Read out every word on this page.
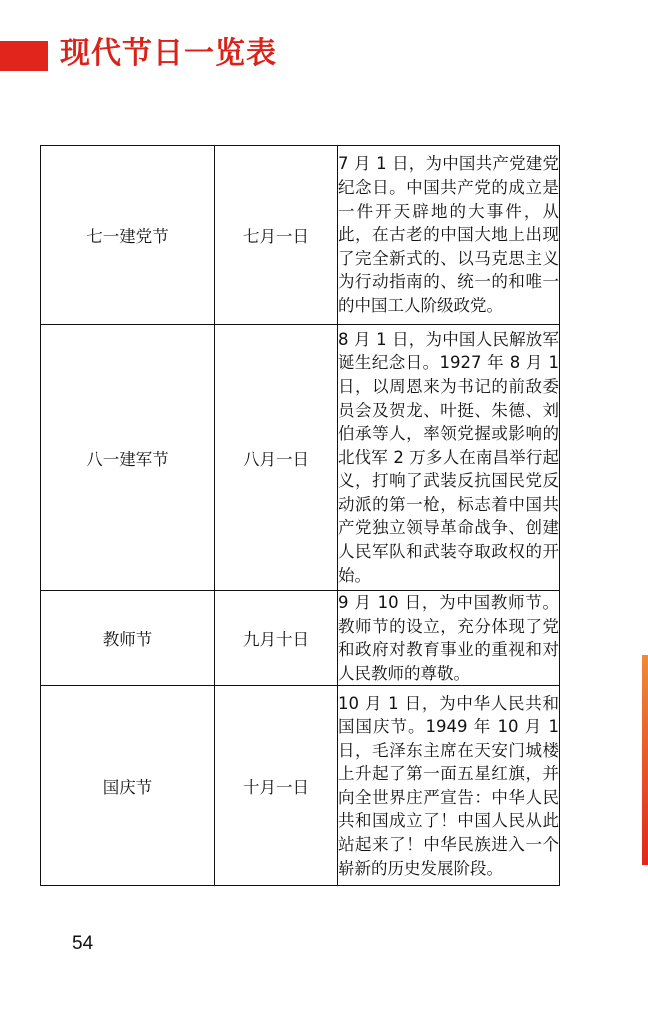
现代节日一览表
七一建党节	七月一日	7 月 1 日，为中国共产党建党纪念日。中国共产党的成立是一件开天辟地的大事件，从此，在古老的中国大地上出现了完全新式的、以马克思主义为行动指南的、统一的和唯一的中国工人阶级政党。
八一建军节	八月一日	8 月 1 日，为中国人民解放军诞生纪念日。1927 年 8 月 1 日，以周恩来为书记的前敌委员会及贺龙、叶挺、朱德、刘伯承等人，率领党握或影响的北伐军 2 万多人在南昌举行起义，打响了武装反抗国民党反动派的第一枪，标志着中国共产党独立领导革命战争、创建人民军队和武装夺取政权的开始。
教师节	九月十日	9 月 10 日，为中国教师节。教师节的设立，充分体现了党和政府对教育事业的重视和对人民教师的尊敬。
国庆节	十月一日	10 月 1 日，为中华人民共和国国庆节。1949 年 10 月 1 日，毛泽东主席在天安门城楼上升起了第一面五星红旗，并向全世界庄严宣告：中华人民共和国成立了！中国人民从此站起来了！中华民族进入一个崭新的历史发展阶段。
54
